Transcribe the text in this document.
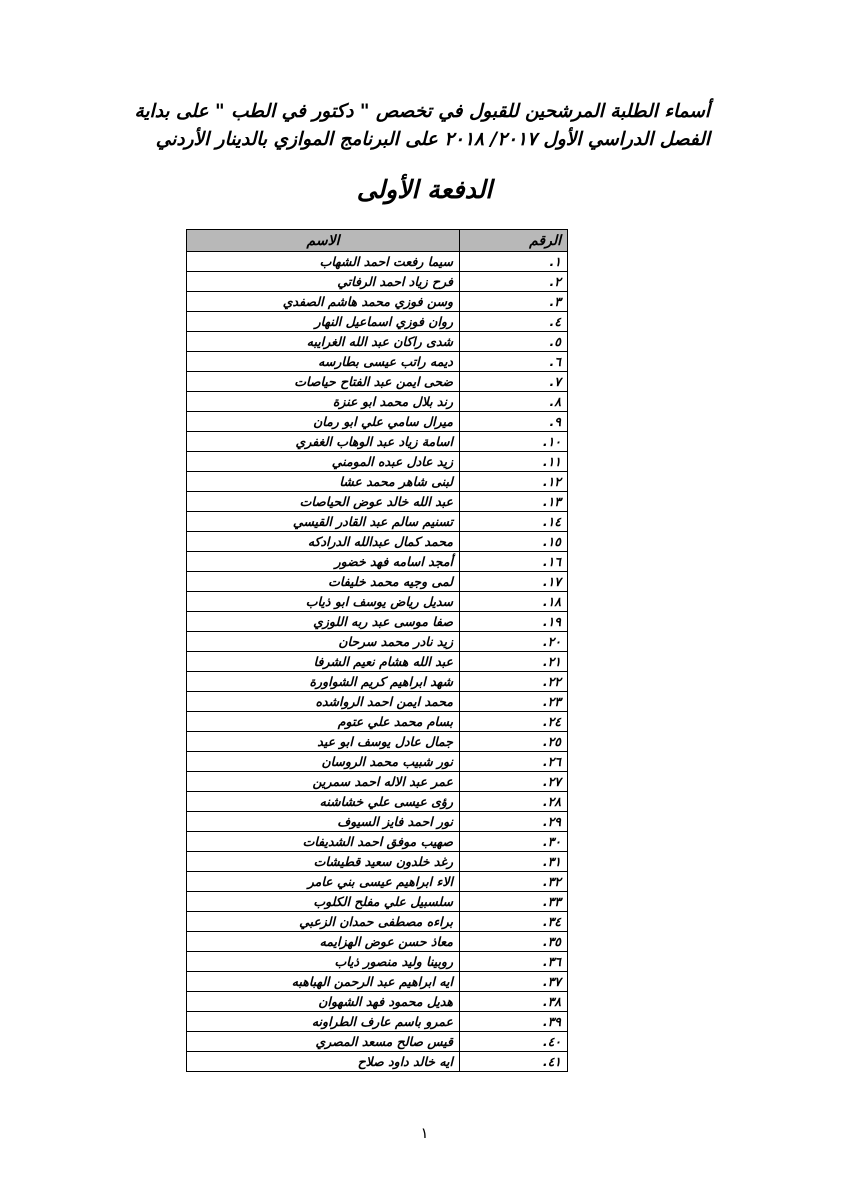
أسماء الطلبة المرشحين للقبول في تخصص " دكتور في الطب " على بداية
الفصل الدراسي الأول ٢٠١٧/ ٢٠١٨ على البرنامج الموازي بالدينار الأردني
الدفعة الأولى
الرقم	الاسم
١.	سيما رفعت احمد الشهاب
٢.	فرح زياد احمد الرفاتي
٣.	وسن فوزي محمد هاشم الصفدي
٤.	روان فوزي اسماعيل النهار
٥.	شدى راكان عبد الله الغرايبه
٦.	ديمه راتب عيسى بطارسه
٧.	ضحى ايمن عبد الفتاح حياصات
٨.	رند بلال محمد ابو عنزة
٩.	ميرال سامي علي ابو رمان
١٠.	اسامة زياد عبد الوهاب الغفري
١١.	زيد عادل عبده المومني
١٢.	لبنى شاهر محمد عشا
١٣.	عبد الله خالد عوض الحياصات
١٤.	تسنيم سالم عبد القادر القيسي
١٥.	محمد كمال عبدالله الدرادكه
١٦.	أمجد اسامه فهد خضور
١٧.	لمى وجيه محمد خليفات
١٨.	سديل رياض يوسف ابو ذياب
١٩.	صفا موسى عبد ربه اللوزي
٢٠.	زيد نادر محمد سرحان
٢١.	عبد الله هشام نعيم الشرفا
٢٢.	شهد ابراهيم كريم الشواورة
٢٣.	محمد ايمن احمد الرواشده
٢٤.	بسام محمد علي عتوم
٢٥.	جمال عادل يوسف ابو عيد
٢٦.	نور شبيب محمد الروسان
٢٧.	عمر عبد الاله احمد سمرين
٢٨.	رؤى عيسى علي خشاشنه
٢٩.	نور احمد فايز السيوف
٣٠.	صهيب موفق احمد الشديفات
٣١.	رغد خلدون سعيد قطيشات
٣٢.	الاء ابراهيم عيسى بني عامر
٣٣.	سلسبيل علي مفلح الكلوب
٣٤.	براءه مصطفى حمدان الزعبي
٣٥.	معاذ حسن عوض الهزايمه
٣٦.	روبينا وليد منصور ذياب
٣٧.	ايه ابراهيم عبد الرحمن الهباهبه
٣٨.	هديل محمود فهد الشهوان
٣٩.	عمرو باسم عارف الطراونه
٤٠.	قيس صالح مسعد المصري
٤١.	ايه خالد داود صلاح
١
